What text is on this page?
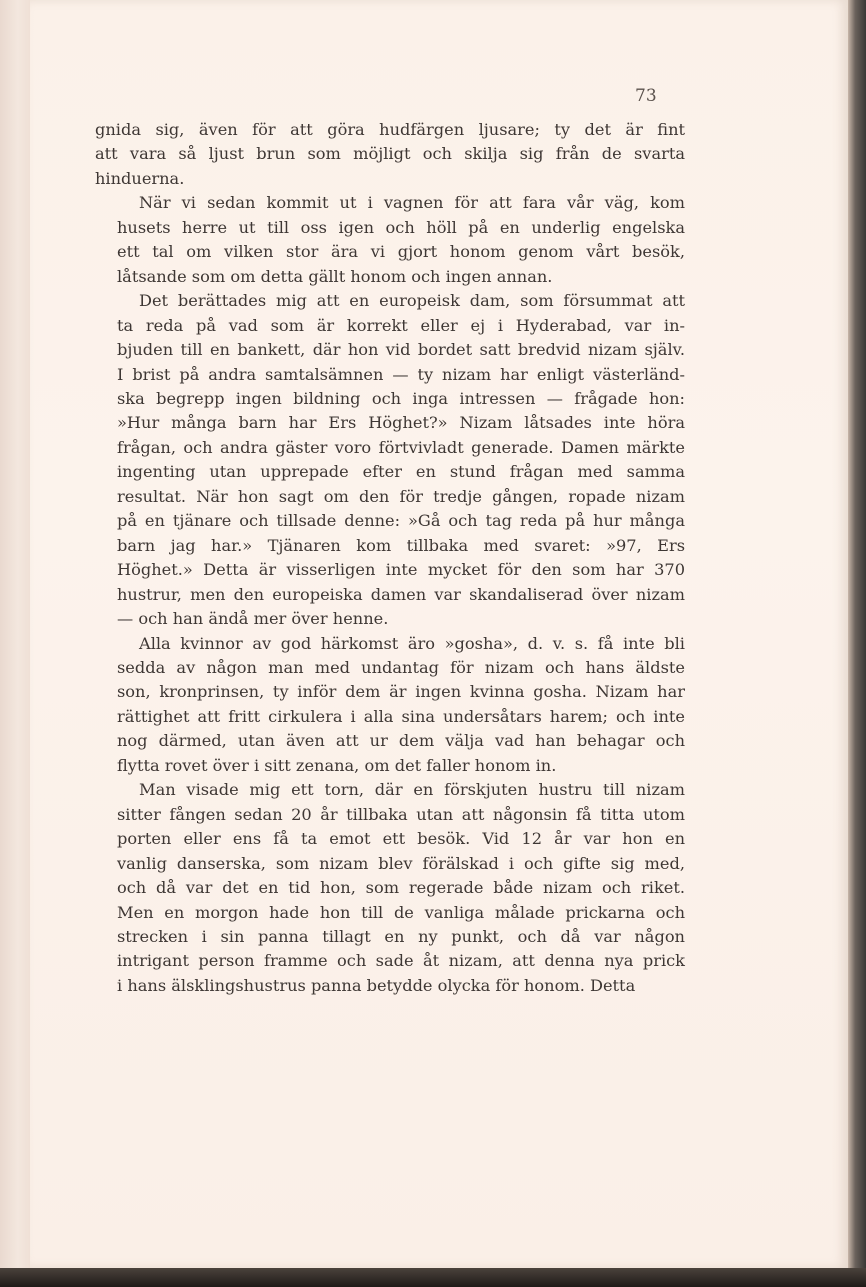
73
gnida sig, även för att göra hudfärgen ljusare; ty det är fint
att vara så ljust brun som möjligt och skilja sig från de svarta
hinduerna.
När vi sedan kommit ut i vagnen för att fara vår väg, kom
husets herre ut till oss igen och höll på en underlig engelska
ett tal om vilken stor ära vi gjort honom genom vårt besök,
låtsande som om detta gällt honom och ingen annan.
Det berättades mig att en europeisk dam, som försummat att
ta reda på vad som är korrekt eller ej i Hyderabad, var in-
bjuden till en bankett, där hon vid bordet satt bredvid nizam själv.
I brist på andra samtalsämnen — ty nizam har enligt västerländ-
ska begrepp ingen bildning och inga intressen — frågade hon:
»Hur många barn har Ers Höghet?» Nizam låtsades inte höra
frågan, och andra gäster voro förtvivladt generade. Damen märkte
ingenting utan upprepade efter en stund frågan med samma
resultat. När hon sagt om den för tredje gången, ropade nizam
på en tjänare och tillsade denne: »Gå och tag reda på hur många
barn jag har.» Tjänaren kom tillbaka med svaret: »97, Ers
Höghet.» Detta är visserligen inte mycket för den som har 370
hustrur, men den europeiska damen var skandaliserad över nizam
— och han ändå mer över henne.
Alla kvinnor av god härkomst äro »gosha», d. v. s. få inte bli
sedda av någon man med undantag för nizam och hans äldste
son, kronprinsen, ty inför dem är ingen kvinna gosha. Nizam har
rättighet att fritt cirkulera i alla sina undersåtars harem; och inte
nog därmed, utan även att ur dem välja vad han behagar och
flytta rovet över i sitt zenana, om det faller honom in.
Man visade mig ett torn, där en förskjuten hustru till nizam
sitter fången sedan 20 år tillbaka utan att någonsin få titta utom
porten eller ens få ta emot ett besök. Vid 12 år var hon en
vanlig danserska, som nizam blev förälskad i och gifte sig med,
och då var det en tid hon, som regerade både nizam och riket.
Men en morgon hade hon till de vanliga målade prickarna och
strecken i sin panna tillagt en ny punkt, och då var någon
intrigant person framme och sade åt nizam, att denna nya prick
i hans älsklingshustrus panna betydde olycka för honom. Detta
